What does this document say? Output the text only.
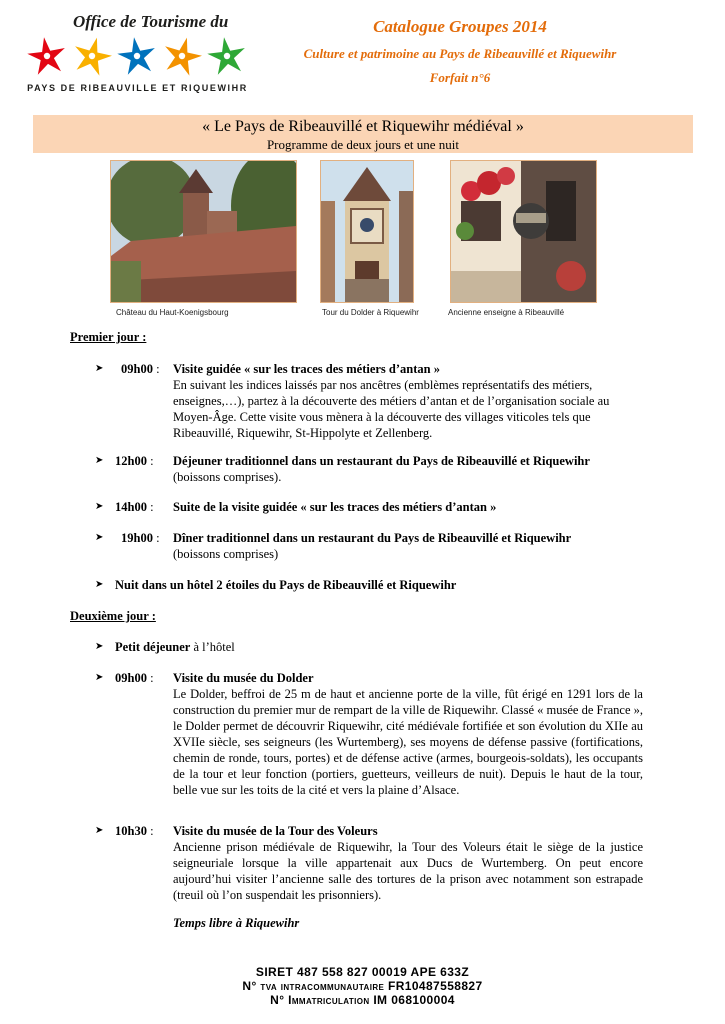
Office de Tourisme du
PAYS DE RIBEAUVILLE ET RIQUEWIHR
Catalogue Groupes 2014
Culture et patrimoine au Pays de Ribeauvillé et Riquewihr
Forfait n°6
« Le Pays de Ribeauvillé et Riquewihr médiéval »
Programme de deux jours et une nuit
Château du Haut-Koenigsbourg	Tour du Dolder à Riquewihr	Ancienne enseigne à Ribeauvillé
Premier jour :
➤ 09h00 : Visite guidée « sur les traces des métiers d’antan »
En suivant les indices laissés par nos ancêtres (emblèmes représentatifs des métiers, enseignes,…), partez à la découverte des métiers d’antan et de l’organisation sociale au Moyen-Âge. Cette visite vous mènera à la découverte des villages viticoles tels que Ribeauvillé, Riquewihr, St-Hippolyte et Zellenberg.
➤ 12h00 : Déjeuner traditionnel dans un restaurant du Pays de Ribeauvillé et Riquewihr
(boissons comprises).
➤ 14h00 : Suite de la visite guidée « sur les traces des métiers d’antan »
➤ 19h00 : Dîner traditionnel dans un restaurant du Pays de Ribeauvillé et Riquewihr
(boissons comprises)
➤ Nuit dans un hôtel 2 étoiles du Pays de Ribeauvillé et Riquewihr
Deuxième jour :
➤ Petit déjeuner à l’hôtel
➤ 09h00 : Visite du musée du Dolder
Le Dolder, beffroi de 25 m de haut et ancienne porte de la ville, fût érigé en 1291 lors de la construction du premier mur de rempart de la ville de Riquewihr. Classé « musée de France », le Dolder permet de découvrir Riquewihr, cité médiévale fortifiée et son évolution du XIIe au XVIIe siècle, ses seigneurs (les Wurtemberg), ses moyens de défense passive (fortifications, chemin de ronde, tours, portes) et de défense active (armes, bourgeois-soldats), les occupants de la tour et leur fonction (portiers, guetteurs, veilleurs de nuit). Depuis le haut de la tour, belle vue sur les toits de la cité et vers la plaine d’Alsace.
➤ 10h30 : Visite du musée de la Tour des Voleurs
Ancienne prison médiévale de Riquewihr, la Tour des Voleurs était le siège de la justice seigneuriale lorsque la ville appartenait aux Ducs de Wurtemberg. On peut encore aujourd’hui visiter l’ancienne salle des tortures de la prison avec notamment son estrapade (treuil où l’on suspendait les prisonniers).
Temps libre à Riquewihr
SIRET 487 558 827 00019 APE 633Z
N° tva intracommunautaire FR10487558827
N° Immatriculation IM 068100004
